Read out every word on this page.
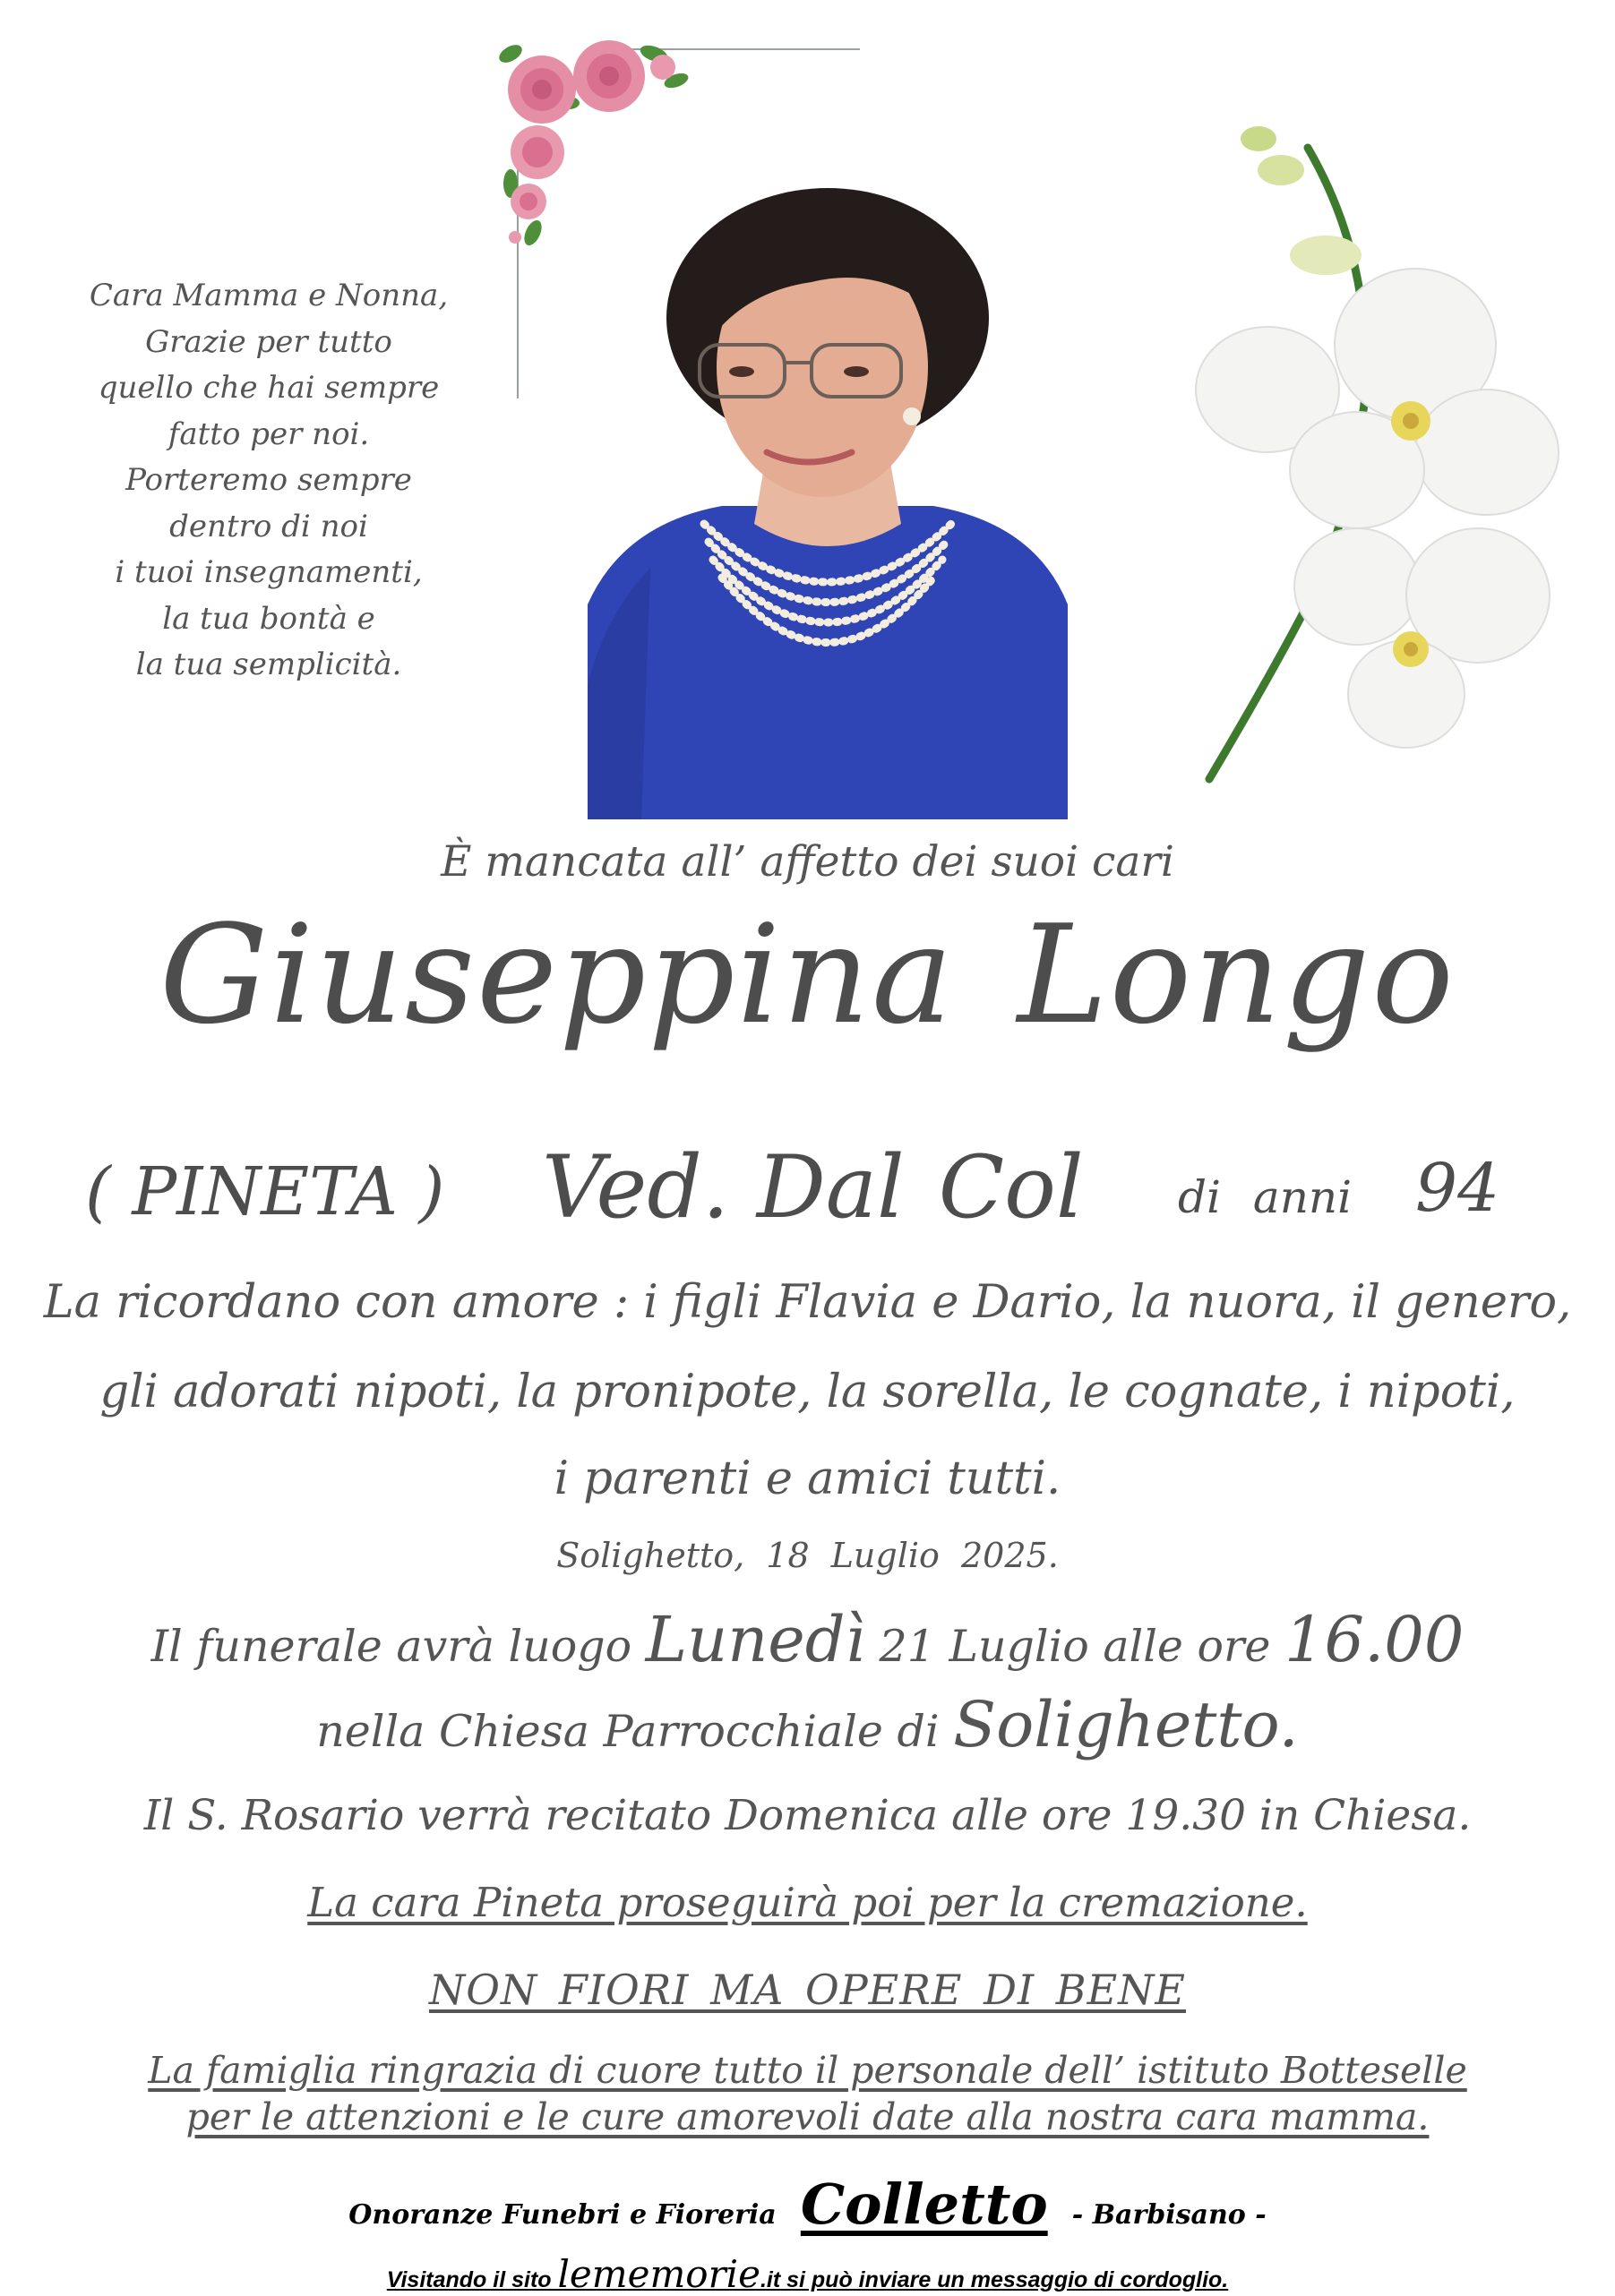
Cara Mamma e Nonna,
Grazie per tutto
quello che hai sempre
fatto per noi.
Porteremo sempre
dentro di noi
i tuoi insegnamenti,
la tua bontà e
la tua semplicità.
È mancata all’ affetto dei suoi cari
Giuseppina Longo
( PINETA ) Ved. Dal Col di anni 94
La ricordano con amore : i figli Flavia e Dario, la nuora, il genero,
gli adorati nipoti, la pronipote, la sorella, le cognate, i nipoti,
i parenti e amici tutti.
Solighetto, 18 Luglio 2025.
Il funerale avrà luogo Lunedì 21 Luglio alle ore 16.00
nella Chiesa Parrocchiale di Solighetto.
Il S. Rosario verrà recitato Domenica alle ore 19.30 in Chiesa.
La cara Pineta proseguirà poi per la cremazione.
NON FIORI MA OPERE DI BENE
La famiglia ringrazia di cuore tutto il personale dell’ istituto Botteselle
per le attenzioni e le cure amorevoli date alla nostra cara mamma.
Onoranze Funebri e Fioreria Colletto - Barbisano -
Visitando il sito lememorie.it si può inviare un messaggio di cordoglio.
